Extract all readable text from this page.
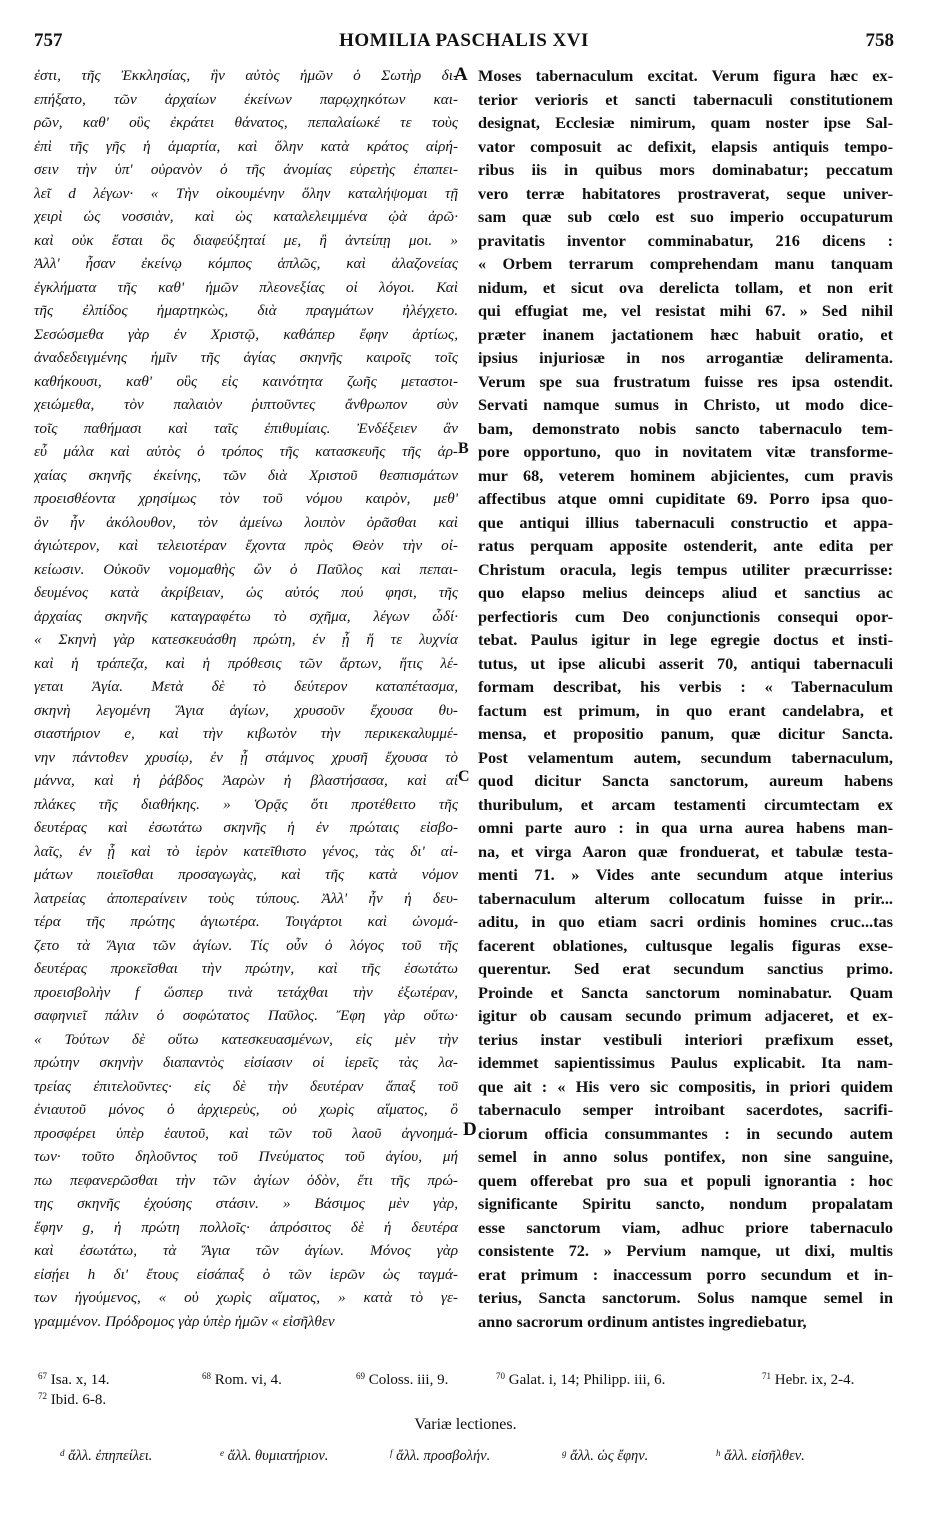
757	HOMILIA PASCHALIS XVI	758
A
B
C
D
ἐστι, τῆς Ἐκκλησίας, ἣν αὐτὸς ἡμῶν ὁ Σωτὴρ δι-
επήξατο, τῶν ἀρχαίων ἐκείνων παρῳχηκότων και-
ρῶν, καθ' οὓς ἐκράτει θάνατος, πεπαλαίωκέ τε τοὺς
ἐπὶ τῆς γῆς ἡ ἁμαρτία, καὶ ὅλην κατὰ κράτος αἱρή-
σειν τὴν ὑπ' οὐρανὸν ὁ τῆς ἀνομίας εὑρετὴς ἐπαπει-
λεῖ d λέγων· « Τὴν οἰκουμένην ὅλην καταλήψομαι τῇ
χειρὶ ὡς νοσσιὰν, καὶ ὡς καταλελειμμένα ᾠὰ ἀρῶ·
καὶ οὐκ ἔσται ὃς διαφεύξηταί με, ἢ ἀντείπῃ μοι. »
Ἀλλ' ἦσαν ἐκείνῳ κόμπος ἁπλῶς, καὶ ἀλαζονείας
ἐγκλήματα τῆς καθ' ἡμῶν πλεονεξίας οἱ λόγοι. Καὶ
τῆς ἐλπίδος ἡμαρτηκὼς, διὰ πραγμάτων ἠλέγχετο.
Σεσώσμεθα γὰρ ἐν Χριστῷ, καθάπερ ἔφην ἀρτίως,
ἀναδεδειγμένης ἡμῖν τῆς ἁγίας σκηνῆς καιροῖς τοῖς
καθήκουσι, καθ' οὓς εἰς καινότητα ζωῆς μεταστοι-
χειώμεθα, τὸν παλαιὸν ῥιπτοῦντες ἄνθρωπον σὺν
τοῖς παθήμασι καὶ ταῖς ἐπιθυμίαις. Ἐνδέξειεν ἂν
εὖ μάλα καὶ αὐτὸς ὁ τρόπος τῆς κατασκευῆς τῆς ἀρ-
χαίας σκηνῆς ἐκείνης, τῶν διὰ Χριστοῦ θεσπισμάτων
προεισθέοντα χρησίμως τὸν τοῦ νόμου καιρὸν, μεθ'
ὃν ἦν ἀκόλουθον, τὸν ἀμείνω λοιπὸν ὁρᾶσθαι καὶ
ἁγιώτερον, καὶ τελειοτέραν ἔχοντα πρὸς Θεὸν τὴν οἰ-
κείωσιν. Οὐκοῦν νομομαθὴς ὢν ὁ Παῦλος καὶ πεπαι-
δευμένος κατὰ ἀκρίβειαν, ὡς αὐτός πού φησι, τῆς
ἀρχαίας σκηνῆς καταγραφέτω τὸ σχῆμα, λέγων ὧδί·
« Σκηνὴ γὰρ κατεσκευάσθη πρώτη, ἐν ᾗ ἥ τε λυχνία
καὶ ἡ τράπεζα, καὶ ἡ πρόθεσις τῶν ἄρτων, ἥτις λέ-
γεται Ἁγία. Μετὰ δὲ τὸ δεύτερον καταπέτασμα,
σκηνὴ λεγομένη Ἅγια ἁγίων, χρυσοῦν ἔχουσα θυ-
σιαστήριον e, καὶ τὴν κιβωτὸν τὴν περικεκαλυμμέ-
νην πάντοθεν χρυσίῳ, ἐν ᾗ στάμνος χρυσῆ ἔχουσα τὸ
μάννα, καὶ ἡ ῥάβδος Ἀαρὼν ἡ βλαστήσασα, καὶ αἱ
πλάκες τῆς διαθήκης. » Ὁρᾷς ὅτι προτέθειτο τῆς
δευτέρας καὶ ἐσωτάτω σκηνῆς ἡ ἐν πρώταις εἰσβο-
λαῖς, ἐν ᾗ καὶ τὸ ἱερὸν κατεῖθιστο γένος, τὰς δι' αἱ-
μάτων ποιεῖσθαι προσαγωγὰς, καὶ τῆς κατὰ νόμον
λατρείας ἀποπεραίνειν τοὺς τύπους. Ἀλλ' ἦν ἡ δευ-
τέρα τῆς πρώτης ἁγιωτέρα. Τοιγάρτοι καὶ ὠνομά-
ζετο τὰ Ἅγια τῶν ἁγίων. Τίς οὖν ὁ λόγος τοῦ τῆς
δευτέρας προκεῖσθαι τὴν πρώτην, καὶ τῆς ἐσωτάτω
προεισβολὴν f ὥσπερ τινὰ τετάχθαι τὴν ἐξωτέραν,
σαφηνιεῖ πάλιν ὁ σοφώτατος Παῦλος. Ἔφη γὰρ οὕτω·
« Τούτων δὲ οὕτω κατεσκευασμένων, εἰς μὲν τὴν
πρώτην σκηνὴν διαπαντὸς εἰσίασιν οἱ ἱερεῖς τὰς λα-
τρείας ἐπιτελοῦντες· εἰς δὲ τὴν δευτέραν ἅπαξ τοῦ
ἐνιαυτοῦ μόνος ὁ ἀρχιερεὺς, οὐ χωρὶς αἵματος, ὃ
προσφέρει ὑπὲρ ἑαυτοῦ, καὶ τῶν τοῦ λαοῦ ἀγνοημά-
των· τοῦτο δηλοῦντος τοῦ Πνεύματος τοῦ ἁγίου, μή
πω πεφανερῶσθαι τὴν τῶν ἁγίων ὁδὸν, ἔτι τῆς πρώ-
της σκηνῆς ἐχούσης στάσιν. » Βάσιμος μὲν γὰρ,
ἔφην g, ἡ πρώτη πολλοῖς· ἀπρόσιτος δὲ ἡ δευτέρα
καὶ ἐσωτάτω, τὰ Ἅγια τῶν ἁγίων. Μόνος γὰρ
εἰσῄει h δι' ἔτους εἰσάπαξ ὁ τῶν ἱερῶν ὡς ταγμά-
των ἡγούμενος, « οὐ χωρὶς αἵματος, » κατὰ τὸ γε-
γραμμένον. Πρόδρομος γὰρ ὑπὲρ ἡμῶν « εἰσῆλθεν
Moses tabernaculum excitat. Verum figura hæc ex-
terior verioris et sancti tabernaculi constitutionem
designat, Ecclesiæ nimirum, quam noster ipse Sal-
vator composuit ac defixit, elapsis antiquis tempo-
ribus iis in quibus mors dominabatur; peccatum
vero terræ habitatores prostraverat, seque univer-
sam quæ sub cœlo est suo imperio occupaturum
pravitatis inventor comminabatur, 216 dicens :
« Orbem terrarum comprehendam manu tanquam
nidum, et sicut ova derelicta tollam, et non erit
qui effugiat me, vel resistat mihi 67. » Sed nihil
præter inanem jactationem hæc habuit oratio, et
ipsius injuriosæ in nos arrogantiæ deliramenta.
Verum spe sua frustratum fuisse res ipsa ostendit.
Servati namque sumus in Christo, ut modo dice-
bam, demonstrato nobis sancto tabernaculo tem-
pore opportuno, quo in novitatem vitæ transforme-
mur 68, veterem hominem abjicientes, cum pravis
affectibus atque omni cupiditate 69. Porro ipsa quo-
que antiqui illius tabernaculi constructio et appa-
ratus perquam apposite ostenderit, ante edita per
Christum oracula, legis tempus utiliter præcurrisse:
quo elapso melius deinceps aliud et sanctius ac
perfectioris cum Deo conjunctionis consequi opor-
tebat. Paulus igitur in lege egregie doctus et insti-
tutus, ut ipse alicubi asserit 70, antiqui tabernaculi
formam describat, his verbis : « Tabernaculum
factum est primum, in quo erant candelabra, et
mensa, et propositio panum, quæ dicitur Sancta.
Post velamentum autem, secundum tabernaculum,
quod dicitur Sancta sanctorum, aureum habens
thuribulum, et arcam testamenti circumtectam ex
omni parte auro : in qua urna aurea habens man-
na, et virga Aaron quæ fronduerat, et tabulæ testa-
menti 71. » Vides ante secundum atque interius
tabernaculum alterum collocatum fuisse in prir...
aditu, in quo etiam sacri ordinis homines cruc...tas
facerent oblationes, cultusque legalis figuras exse-
querentur. Sed erat secundum sanctius primo.
Proinde et Sancta sanctorum nominabatur. Quam
igitur ob causam secundo primum adjaceret, et ex-
terius instar vestibuli interiori præfixum esset,
idemmet sapientissimus Paulus explicabit. Ita nam-
que ait : « His vero sic compositis, in priori quidem
tabernaculo semper introibant sacerdotes, sacrifi-
ciorum officia consummantes : in secundo autem
semel in anno solus pontifex, non sine sanguine,
quem offerebat pro sua et populi ignorantia : hoc
significante Spiritu sancto, nondum propalatam
esse sanctorum viam, adhuc priore tabernaculo
consistente 72. » Pervium namque, ut dixi, multis
erat primum : inaccessum porro secundum et in-
terius, Sancta sanctorum. Solus namque semel in
anno sacrorum ordinum antistes ingrediebatur,
$^{67}$ Isa. x, 14.	$^{68}$ Rom. vi, 4.	$^{69}$ Coloss. iii, 9.	$^{70}$ Galat. i, 14; Philipp. iii, 6.	$^{71}$ Hebr. ix, 2-4.
$^{72}$ Ibid. 6-8.
Variæ lectiones.
$^d$ ἄλλ. ἐπηπείλει.	$^e$ ἄλλ. θυμιατήριον.	$^f$ ἄλλ. προσβολήν.	$^g$ ἄλλ. ὡς ἔφην.	$^h$ ἄλλ. εἰσῆλθεν.
